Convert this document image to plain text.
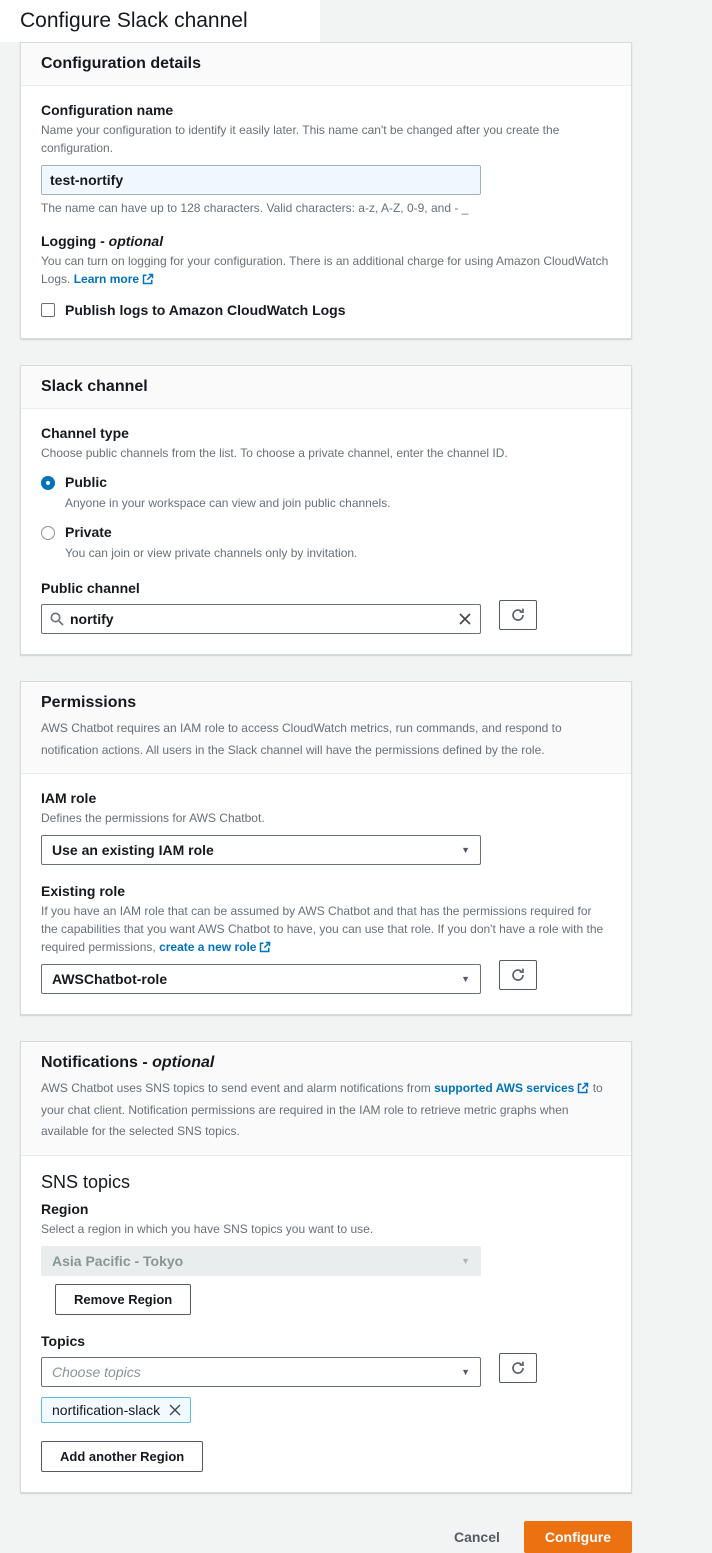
Configure Slack channel
Configuration details
Configuration name
Name your configuration to identify it easily later. This name can't be changed after you create the configuration.
test-nortify
The name can have up to 128 characters. Valid characters: a-z, A-Z, 0-9, and - _
Logging - optional
You can turn on logging for your configuration. There is an additional charge for using Amazon CloudWatch Logs. Learn more
Publish logs to Amazon CloudWatch Logs
Slack channel
Channel type
Choose public channels from the list. To choose a private channel, enter the channel ID.
Public
Anyone in your workspace can view and join public channels.
Private
You can join or view private channels only by invitation.
Public channel
nortify

Permissions
AWS Chatbot requires an IAM role to access CloudWatch metrics, run commands, and respond to notification actions. All users in the Slack channel will have the permissions defined by the role.
IAM role
Defines the permissions for AWS Chatbot.
Use an existing IAM role	▼
Existing role
If you have an IAM role that can be assumed by AWS Chatbot and that has the permissions required for the capabilities that you want AWS Chatbot to have, you can use that role. If you don't have a role with the required permissions, create a new role
AWSChatbot-role	▼

Notifications - optional
AWS Chatbot uses SNS topics to send event and alarm notifications from supported AWS services to your chat client. Notification permissions are required in the IAM role to retrieve metric graphs when available for the selected SNS topics.
SNS topics
Region
Select a region in which you have SNS topics you want to use.
Asia Pacific - Tokyo	▼
Remove Region
Topics
Choose topics	▼

nortification-slack
Add another Region
Cancel	Configure
